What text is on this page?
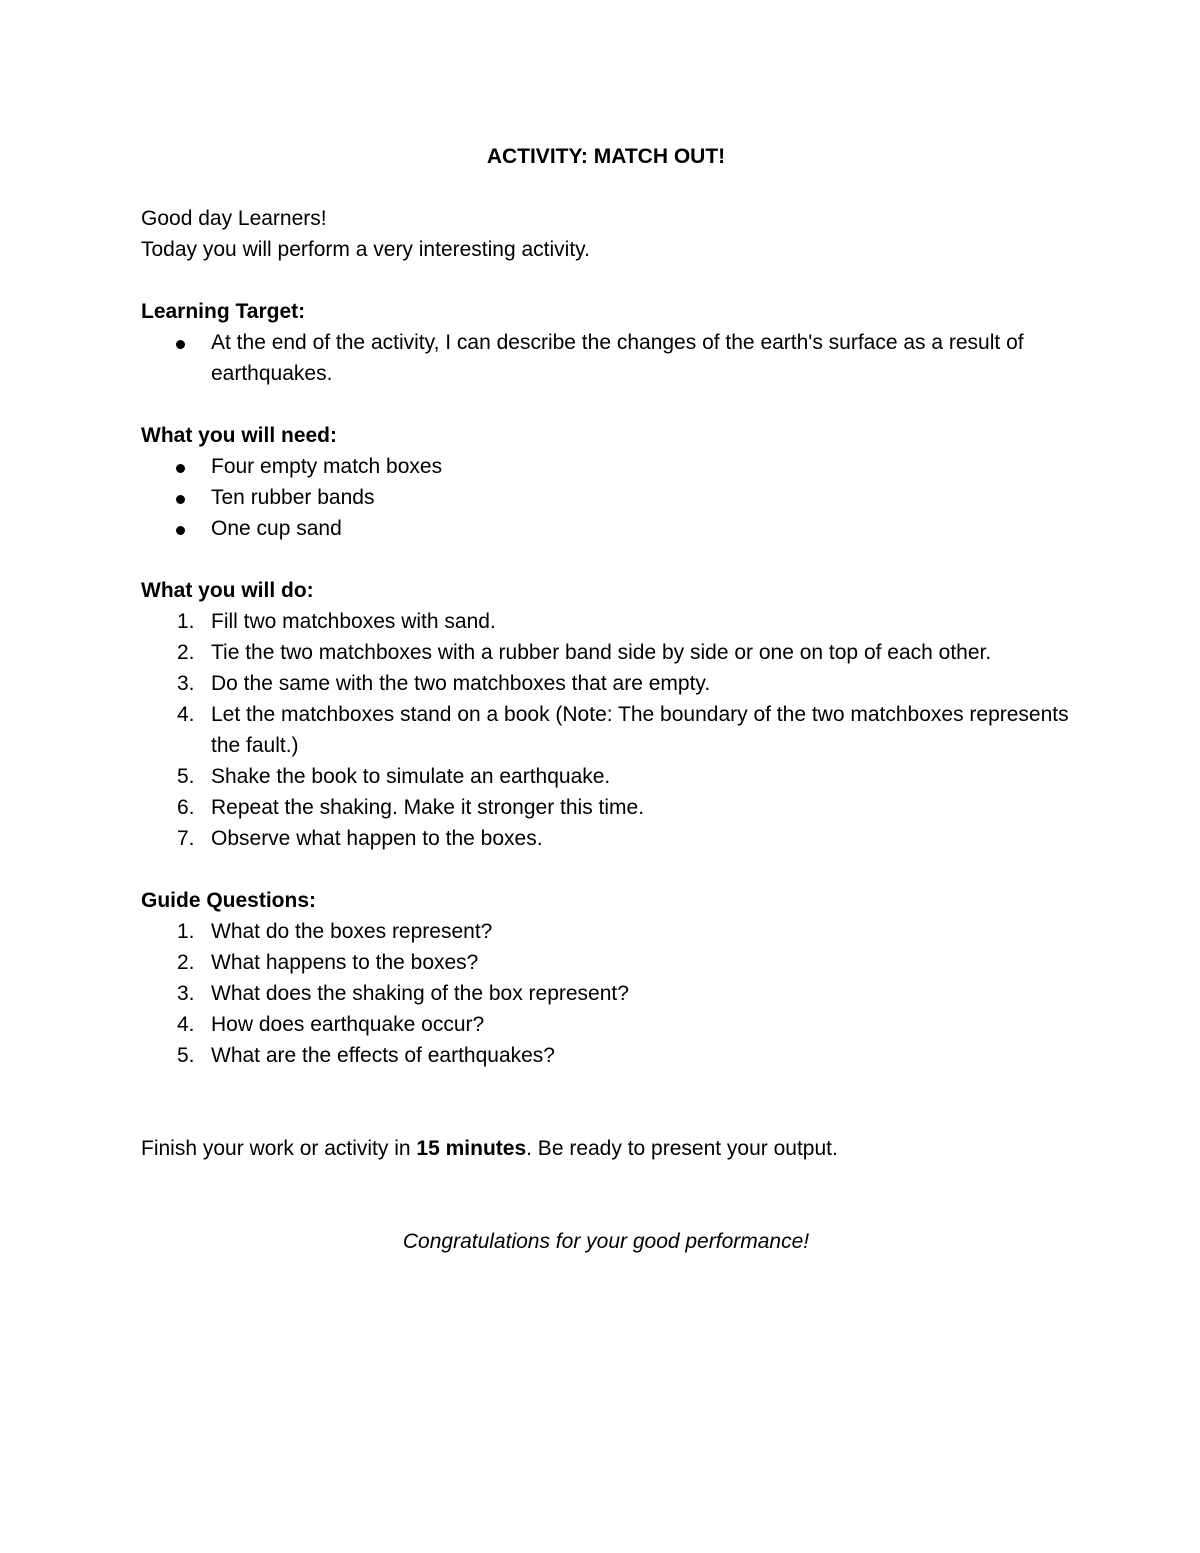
ACTIVITY: MATCH OUT!

Good day Learners!

Today you will perform a very interesting activity.

Learning Target:

At the end of the activity, I can describe the changes of the earth's surface as a result of earthquakes.

What you will need:

Four empty match boxes
Ten rubber bands
One cup sand

What you will do:

1. Fill two matchboxes with sand.
2. Tie the two matchboxes with a rubber band side by side or one on top of each other.
3. Do the same with the two matchboxes that are empty.
4. Let the matchboxes stand on a book (Note: The boundary of the two matchboxes represents the fault.)
5. Shake the book to simulate an earthquake.
6. Repeat the shaking. Make it stronger this time.
7. Observe what happen to the boxes.

Guide Questions:

1. What do the boxes represent?
2. What happens to the boxes?
3. What does the shaking of the box represent?
4. How does earthquake occur?
5. What are the effects of earthquakes?

Finish your work or activity in 15 minutes. Be ready to present your output.

Congratulations for your good performance!
